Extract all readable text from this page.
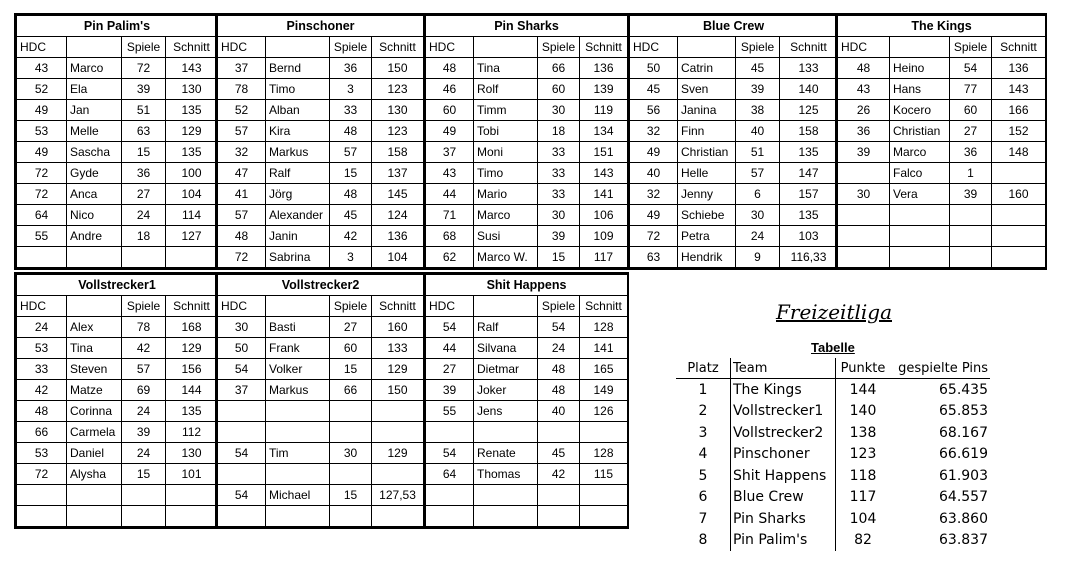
Pin Palim's			
HDC		Spiele	Schnitt
43	Marco	72	143
52	Ela	39	130
49	Jan	51	135
53	Melle	63	129
49	Sascha	15	135
72	Gyde	36	100
72	Anca	27	104
64	Nico	24	114
55	Andre	18	127

Pinschoner			
HDC		Spiele	Schnitt
37	Bernd	36	150
78	Timo	3	123
52	Alban	33	130
57	Kira	48	123
32	Markus	57	158
47	Ralf	15	137
41	Jörg	48	145
57	Alexander	45	124
48	Janin	42	136
72	Sabrina	3	104
Pin Sharks			
HDC		Spiele	Schnitt
48	Tina	66	136
46	Rolf	60	139
60	Timm	30	119
49	Tobi	18	134
37	Moni	33	151
43	Timo	33	143
44	Mario	33	141
71	Marco	30	106
68	Susi	39	109
62	Marco W.	15	117
Blue Crew			
HDC		Spiele	Schnitt
50	Catrin	45	133
45	Sven	39	140
56	Janina	38	125
32	Finn	40	158
49	Christian	51	135
40	Helle	57	147
32	Jenny	6	157
49	Schiebe	30	135
72	Petra	24	103
63	Hendrik	9	116,33
The Kings			
HDC		Spiele	Schnitt
48	Heino	54	136
43	Hans	77	143
26	Kocero	60	166
36	Christian	27	152
39	Marco	36	148
	Falco	1	
30	Vera	39	160

Vollstrecker1			
HDC		Spiele	Schnitt
24	Alex	78	168
53	Tina	42	129
33	Steven	57	156
42	Matze	69	144
48	Corinna	24	135
66	Carmela	39	112
53	Daniel	24	130
72	Alysha	15	101

Vollstrecker2			
HDC		Spiele	Schnitt
30	Basti	27	160
50	Frank	60	133
54	Volker	15	129
37	Markus	66	150

54	Tim	30	129

54	Michael	15	127,53

Shit Happens			
HDC		Spiele	Schnitt
54	Ralf	54	128
44	Silvana	24	141
27	Dietmar	48	165
39	Joker	48	149
55	Jens	40	126

54	Renate	45	128
64	Thomas	42	115

Freizeitliga
Tabelle
Platz	Team	Punkte	gespielte Pins
1	The Kings	144	65.435
2	Vollstrecker1	140	65.853
3	Vollstrecker2	138	68.167
4	Pinschoner	123	66.619
5	Shit Happens	118	61.903
6	Blue Crew	117	64.557
7	Pin Sharks	104	63.860
8	Pin Palim's	82	63.837
